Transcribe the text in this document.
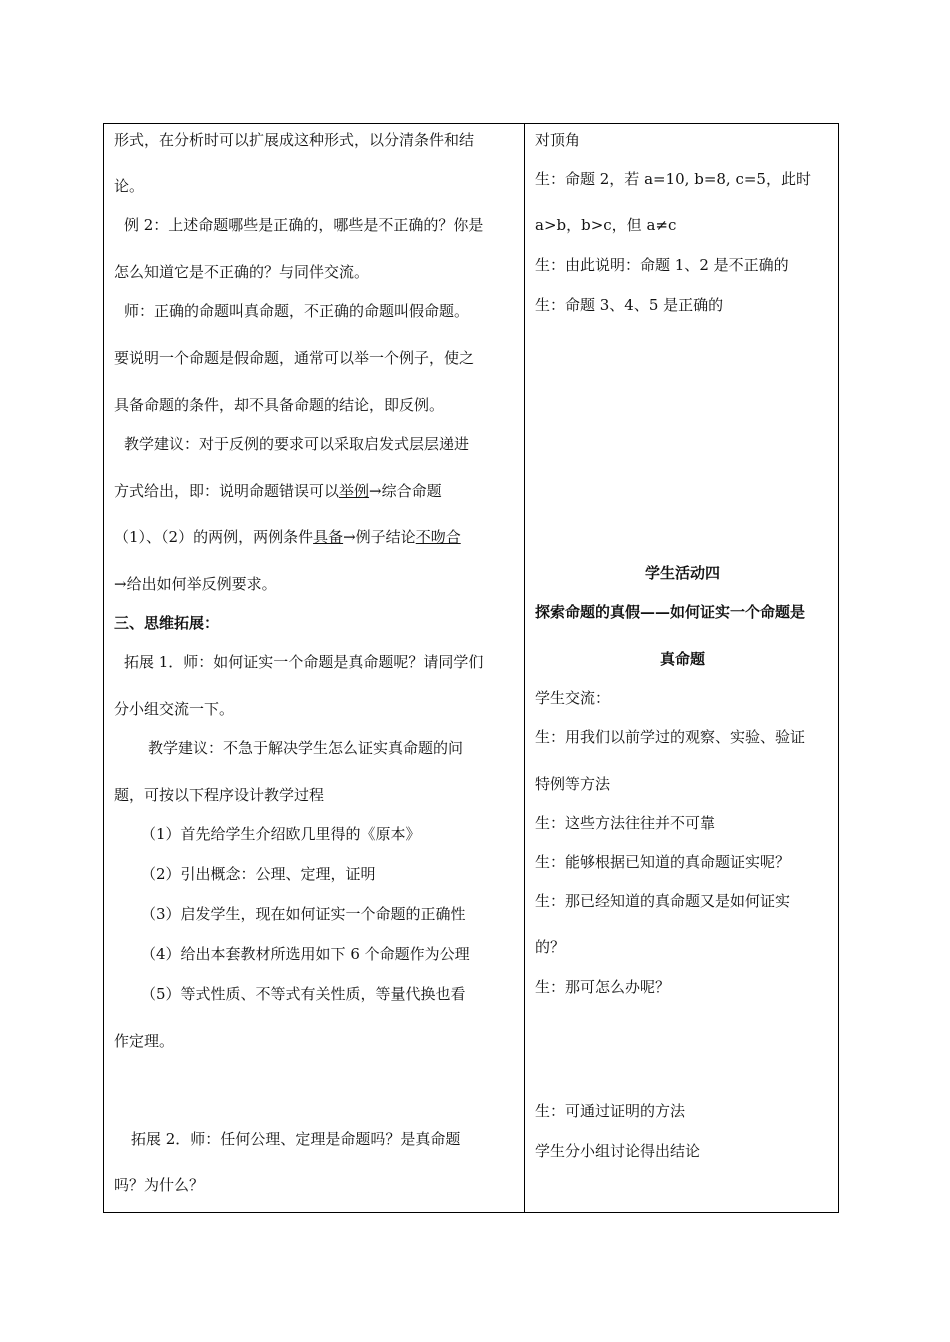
形式，在分析时可以扩展成这种形式，以分清条件和结
论。
例 2：上述命题哪些是正确的，哪些是不正确的？你是
怎么知道它是不正确的？与同伴交流。
师：正确的命题叫真命题，不正确的命题叫假命题。
要说明一个命题是假命题，通常可以举一个例子，使之
具备命题的条件，却不具备命题的结论，即反例。
教学建议：对于反例的要求可以采取启发式层层递进
方式给出，即：说明命题错误可以举例→综合命题
（1）、（2）的两例，两例条件具备→例子结论不吻合
→给出如何举反例要求。
三、思维拓展：
拓展 1．师：如何证实一个命题是真命题呢？请同学们
分小组交流一下。
教学建议：不急于解决学生怎么证实真命题的问
题，可按以下程序设计教学过程
（1）首先给学生介绍欧几里得的《原本》
（2）引出概念：公理、定理，证明
（3）启发学生，现在如何证实一个命题的正确性
（4）给出本套教材所选用如下 6 个命题作为公理
（5）等式性质、不等式有关性质，等量代换也看
作定理。
拓展 2．师：任何公理、定理是命题吗？是真命题
吗？为什么？
对顶角
生：命题 2，若 a=10, b=8, c=5，此时
a>b，b>c，但 a≠c
生：由此说明：命题 1、2 是不正确的
生：命题 3、4、5 是正确的
学生活动四
探索命题的真假——如何证实一个命题是
真命题
学生交流：
生：用我们以前学过的观察、实验、验证
特例等方法
生：这些方法往往并不可靠
生：能够根据已知道的真命题证实呢？
生：那已经知道的真命题又是如何证实
的？
生：那可怎么办呢？
生：可通过证明的方法
学生分小组讨论得出结论
